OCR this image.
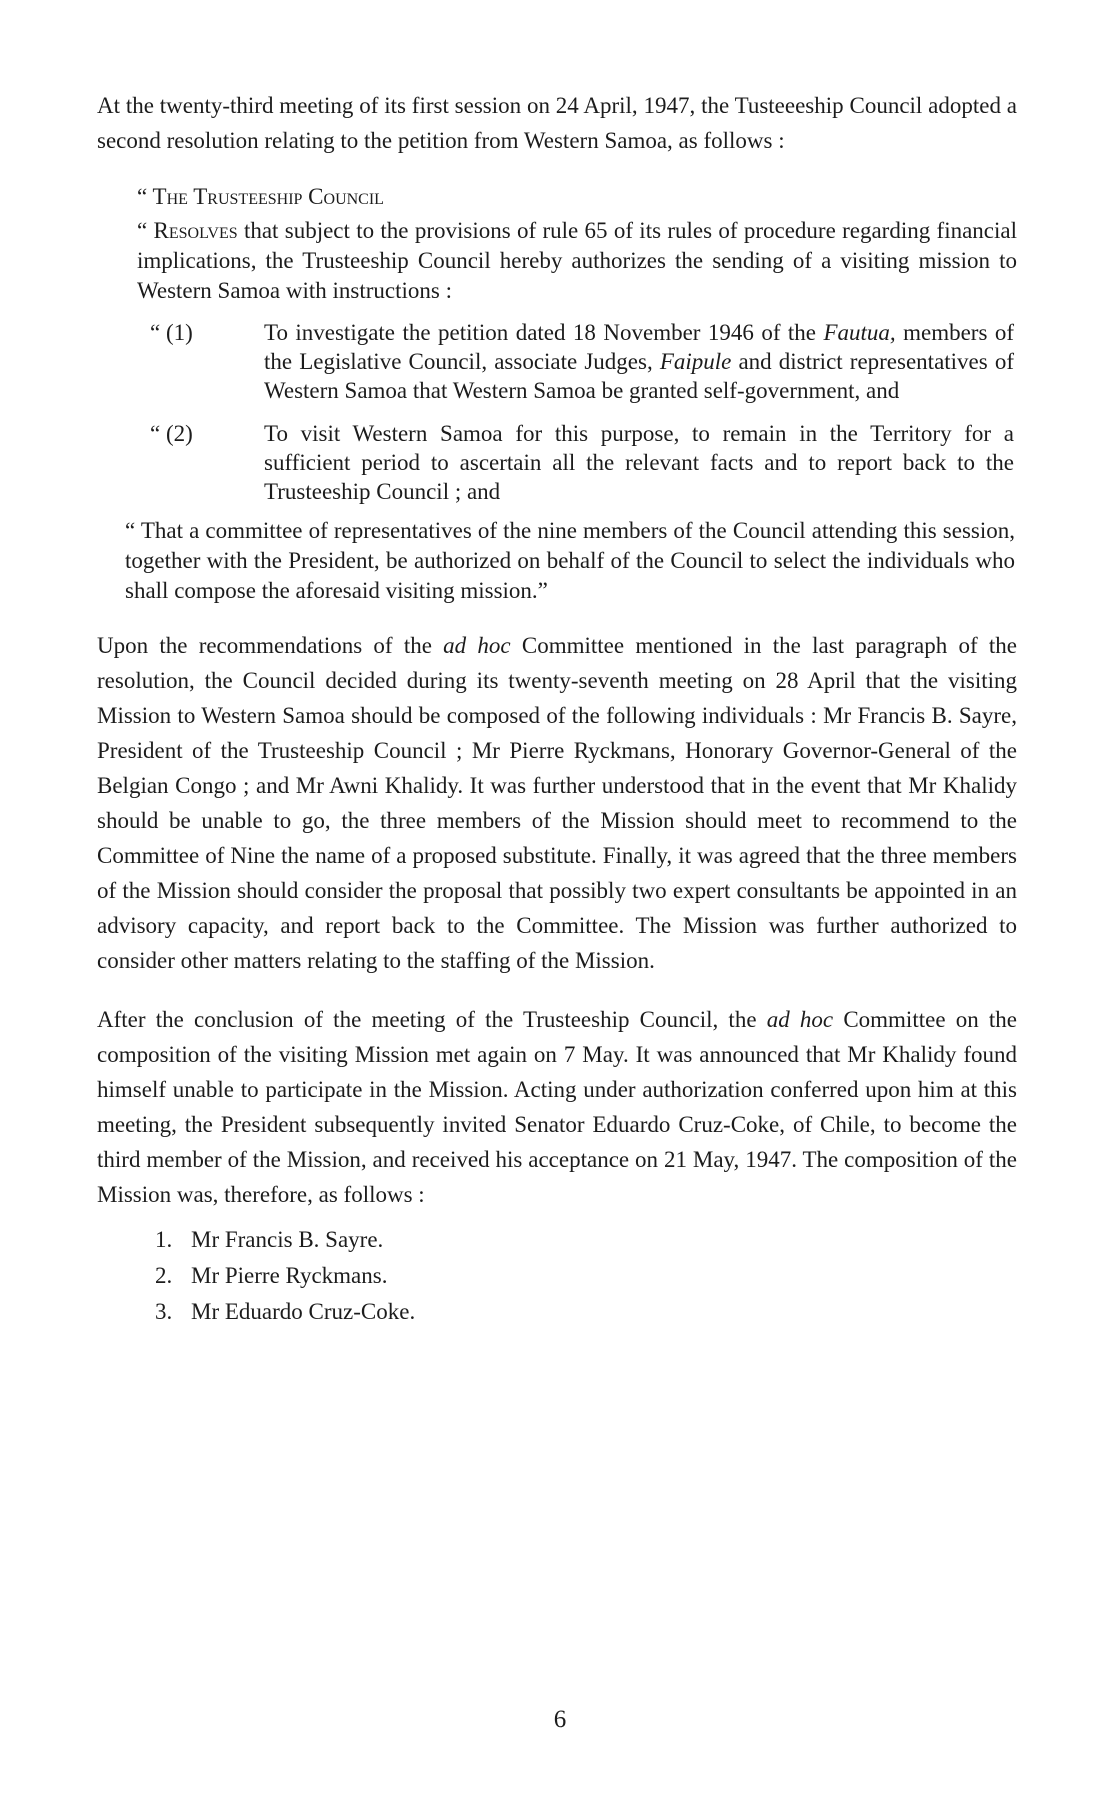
At the twenty-third meeting of its first session on 24 April, 1947, the Tusteeeship Council adopted a second resolution relating to the petition from Western Samoa, as follows :

“ The Trusteeship Council

“ Resolves that subject to the provisions of rule 65 of its rules of procedure regarding financial implications, the Trusteeship Council hereby authorizes the sending of a visiting mission to Western Samoa with instructions :

“ (1)	To investigate the petition dated 18 November 1946 of the Fautua, members of the Legislative Council, associate Judges, Faipule and district representatives of Western Samoa that Western Samoa be granted self-government, and

“ (2)	To visit Western Samoa for this purpose, to remain in the Territory for a sufficient period to ascertain all the relevant facts and to report back to the Trusteeship Council ; and

“ That a committee of representatives of the nine members of the Council attending this session, together with the President, be authorized on behalf of the Council to select the individuals who shall compose the aforesaid visiting mission.”

Upon the recommendations of the ad hoc Committee mentioned in the last paragraph of the resolution, the Council decided during its twenty-seventh meeting on 28 April that the visiting Mission to Western Samoa should be composed of the following individuals : Mr Francis B. Sayre, President of the Trusteeship Council ; Mr Pierre Ryckmans, Honorary Governor-General of the Belgian Congo ; and Mr Awni Khalidy. It was further understood that in the event that Mr Khalidy should be unable to go, the three members of the Mission should meet to recommend to the Committee of Nine the name of a proposed substitute. Finally, it was agreed that the three members of the Mission should consider the proposal that possibly two expert consultants be appointed in an advisory capacity, and report back to the Committee. The Mission was further authorized to consider other matters relating to the staffing of the Mission.

After the conclusion of the meeting of the Trusteeship Council, the ad hoc Committee on the composition of the visiting Mission met again on 7 May. It was announced that Mr Khalidy found himself unable to participate in the Mission. Acting under authorization conferred upon him at this meeting, the President subsequently invited Senator Eduardo Cruz-Coke, of Chile, to become the third member of the Mission, and received his acceptance on 21 May, 1947. The composition of the Mission was, therefore, as follows :

1. Mr Francis B. Sayre.
2. Mr Pierre Ryckmans.
3. Mr Eduardo Cruz-Coke.
6
